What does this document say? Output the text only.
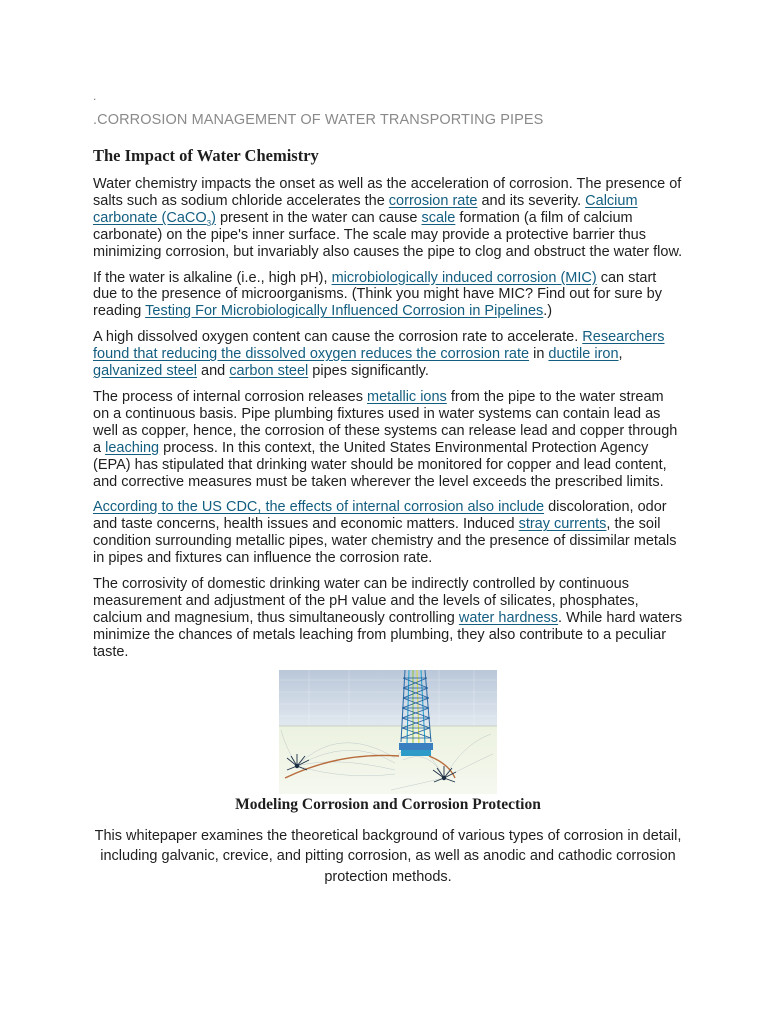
.

.CORROSION MANAGEMENT OF WATER TRANSPORTING PIPES

The Impact of Water Chemistry

Water chemistry impacts the onset as well as the acceleration of corrosion. The presence of salts such as sodium chloride accelerates the corrosion rate and its severity. Calcium carbonate (CaCO$_3$) present in the water can cause scale formation (a film of calcium carbonate) on the pipe's inner surface. The scale may provide a protective barrier thus minimizing corrosion, but invariably also causes the pipe to clog and obstruct the water flow.

If the water is alkaline (i.e., high pH), microbiologically induced corrosion (MIC) can start due to the presence of microorganisms. (Think you might have MIC? Find out for sure by reading Testing For Microbiologically Influenced Corrosion in Pipelines.)

A high dissolved oxygen content can cause the corrosion rate to accelerate. Researchers found that reducing the dissolved oxygen reduces the corrosion rate in ductile iron, galvanized steel and carbon steel pipes significantly.

The process of internal corrosion releases metallic ions from the pipe to the water stream on a continuous basis. Pipe plumbing fixtures used in water systems can contain lead as well as copper, hence, the corrosion of these systems can release lead and copper through a leaching process. In this context, the United States Environmental Protection Agency (EPA) has stipulated that drinking water should be monitored for copper and lead content, and corrective measures must be taken wherever the level exceeds the prescribed limits.

According to the US CDC, the effects of internal corrosion also include discoloration, odor and taste concerns, health issues and economic matters. Induced stray currents, the soil condition surrounding metallic pipes, water chemistry and the presence of dissimilar metals in pipes and fixtures can influence the corrosion rate.

The corrosivity of domestic drinking water can be indirectly controlled by continuous measurement and adjustment of the pH value and the levels of silicates, phosphates, calcium and magnesium, thus simultaneously controlling water hardness. While hard waters minimize the chances of metals leaching from plumbing, they also contribute to a peculiar taste.

Modeling Corrosion and Corrosion Protection

This whitepaper examines the theoretical background of various types of corrosion in detail, including galvanic, crevice, and pitting corrosion, as well as anodic and cathodic corrosion protection methods.
